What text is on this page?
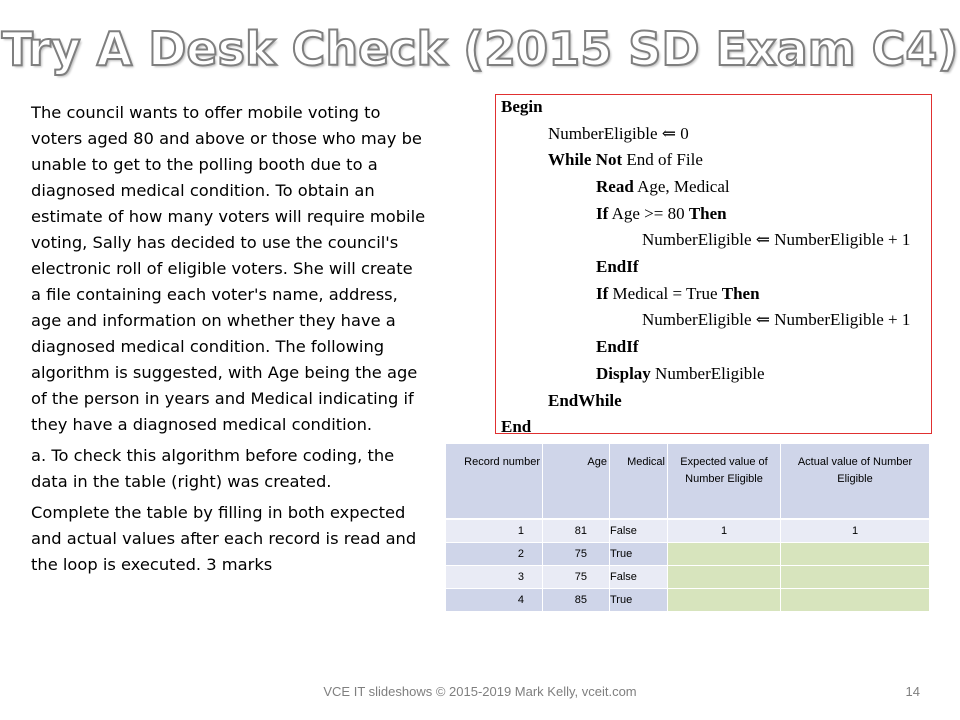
Try A Desk Check (2015 SD Exam C4)

The council wants to offer mobile voting to voters aged 80 and above or those who may be unable to get to the polling booth due to a diagnosed medical condition. To obtain an estimate of how many voters will require mobile voting, Sally has decided to use the council's electronic roll of eligible voters. She will create a file containing each voter's name, address, age and information on whether they have a diagnosed medical condition. The following algorithm is suggested, with Age being the age of the person in years and Medical indicating if they have a diagnosed medical condition.

a. To check this algorithm before coding, the data in the table (right) was created.

Complete the table by filling in both expected and actual values after each record is read and the loop is executed. 3 marks

Begin
NumberEligible ⇐ 0
While Not End of File
Read Age, Medical
If Age >= 80 Then
NumberEligible ⇐ NumberEligible + 1
EndIf
If Medical = True Then
NumberEligible ⇐ NumberEligible + 1
EndIf
Display NumberEligible
EndWhile
End
Record number	Age	Medical	Expected value of Number Eligible	Actual value of Number Eligible
1	81	False	1	1
2	75	True		
3	75	False		
4	85	True		
VCE IT slideshows © 2015-2019 Mark Kelly, vceit.com	14
